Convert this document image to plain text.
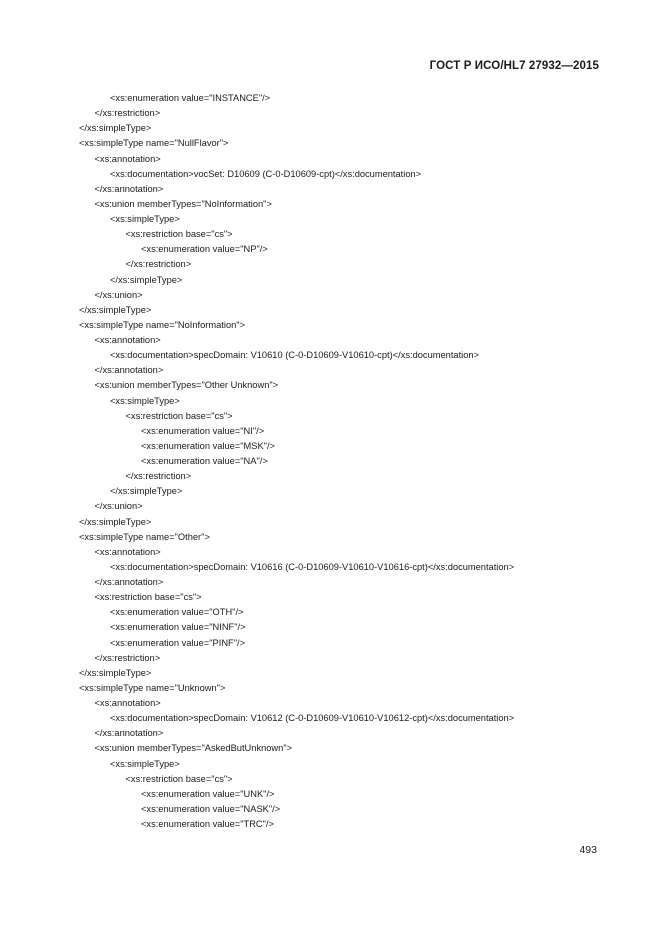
ГОСТ Р ИСО/HL7 27932—2015
<xs:enumeration value="INSTANCE"/>
</xs:restriction>
</xs:simpleType>
<xs:simpleType name="NullFlavor">
<xs:annotation>
<xs:documentation>vocSet: D10609 (C-0-D10609-cpt)</xs:documentation>
</xs:annotation>
<xs:union memberTypes="NoInformation">
<xs:simpleType>
<xs:restriction base="cs">
<xs:enumeration value="NP"/>
</xs:restriction>
</xs:simpleType>
</xs:union>
</xs:simpleType>
<xs:simpleType name="NoInformation">
<xs:annotation>
<xs:documentation>specDomain: V10610 (C-0-D10609-V10610-cpt)</xs:documentation>
</xs:annotation>
<xs:union memberTypes="Other Unknown">
<xs:simpleType>
<xs:restriction base="cs">
<xs:enumeration value="NI"/>
<xs:enumeration value="MSK"/>
<xs:enumeration value="NA"/>
</xs:restriction>
</xs:simpleType>
</xs:union>
</xs:simpleType>
<xs:simpleType name="Other">
<xs:annotation>
<xs:documentation>specDomain: V10616 (C-0-D10609-V10610-V10616-cpt)</xs:documentation>
</xs:annotation>
<xs:restriction base="cs">
<xs:enumeration value="OTH"/>
<xs:enumeration value="NINF"/>
<xs:enumeration value="PINF"/>
</xs:restriction>
</xs:simpleType>
<xs:simpleType name="Unknown">
<xs:annotation>
<xs:documentation>specDomain: V10612 (C-0-D10609-V10610-V10612-cpt)</xs:documentation>
</xs:annotation>
<xs:union memberTypes="AskedButUnknown">
<xs:simpleType>
<xs:restriction base="cs">
<xs:enumeration value="UNK"/>
<xs:enumeration value="NASK"/>
<xs:enumeration value="TRC"/>
493
